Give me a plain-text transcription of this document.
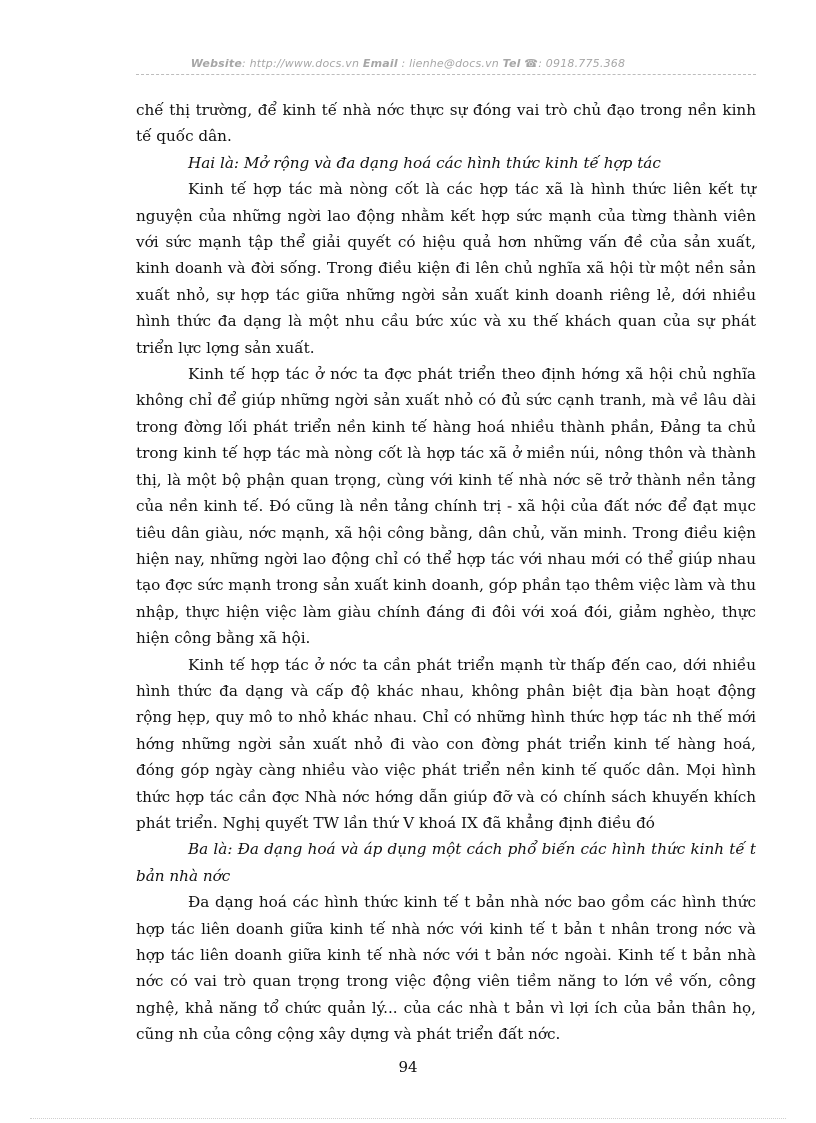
Website: http://www.docs.vn Email : lienhe@docs.vn Tel ☎: 0918.775.368

chế thị trường, để kinh tế nhà nớc thực sự đóng vai trò chủ đạo trong nền kinh tế quốc dân.

Hai là: Mở rộng và đa dạng hoá các hình thức kinh tế hợp tác

Kinh tế hợp tác mà nòng cốt là các hợp tác xã là hình thức liên kết tự nguyện của những ngời lao động nhằm kết hợp sức mạnh của từng thành viên với sức mạnh tập thể giải quyết có hiệu quả hơn những vấn đề của sản xuất, kinh doanh và đời sống. Trong điều kiện đi lên chủ nghĩa xã hội từ một nền sản xuất nhỏ, sự hợp tác giữa những ngời sản xuất kinh doanh riêng lẻ, dới nhiều hình thức đa dạng là một nhu cầu bức xúc và xu thế khách quan của sự phát triển lực lợng sản xuất.

Kinh tế hợp tác ở nớc ta đợc phát triển theo định hớng xã hội chủ nghĩa không chỉ để giúp những ngời sản xuất nhỏ có đủ sức cạnh tranh, mà về lâu dài trong đờng lối phát triển nền kinh tế hàng hoá nhiều thành phần, Đảng ta chủ trong kinh tế hợp tác mà nòng cốt là hợp tác xã ở miền núi, nông thôn và thành thị, là một bộ phận quan trọng, cùng với kinh tế nhà nớc sẽ trở thành nền tảng của nền kinh tế. Đó cũng là nền tảng chính trị - xã hội của đất nớc để đạt mục tiêu dân giàu, nớc mạnh, xã hội công bằng, dân chủ, văn minh. Trong điều kiện hiện nay, những ngời lao động chỉ có thể hợp tác với nhau mới có thể giúp nhau tạo đợc sức mạnh trong sản xuất kinh doanh, góp phần tạo thêm việc làm và thu nhập, thực hiện việc làm giàu chính đáng đi đôi với xoá đói, giảm nghèo, thực hiện công bằng xã hội.

Kinh tế hợp tác ở nớc ta cần phát triển mạnh từ thấp đến cao, dới nhiều hình thức đa dạng và cấp độ khác nhau, không phân biệt địa bàn hoạt động rộng hẹp, quy mô to nhỏ khác nhau. Chỉ có những hình thức hợp tác nh thế mới hớng những ngời sản xuất nhỏ đi vào con đờng phát triển kinh tế hàng hoá, đóng góp ngày càng nhiều vào việc phát triển nền kinh tế quốc dân. Mọi hình thức hợp tác cần đợc Nhà nớc hớng dẫn giúp đỡ và có chính sách khuyến khích phát triển. Nghị quyết TW lần thứ V khoá IX đã khẳng định điều đó

Ba là: Đa dạng hoá và áp dụng một cách phổ biến các hình thức kinh tế t bản nhà nớc

Đa dạng hoá các hình thức kinh tế t bản nhà nớc bao gồm các hình thức hợp tác liên doanh giữa kinh tế nhà nớc với kinh tế t bản t nhân trong nớc và hợp tác liên doanh giữa kinh tế nhà nớc với t bản nớc ngoài. Kinh tế t bản nhà nớc có vai trò quan trọng trong việc động viên tiềm năng to lớn về vốn, công nghệ, khả năng tổ chức quản lý... của các nhà t bản vì lợi ích của bản thân họ, cũng nh của công cộng xây dựng và phát triển đất nớc.

94
